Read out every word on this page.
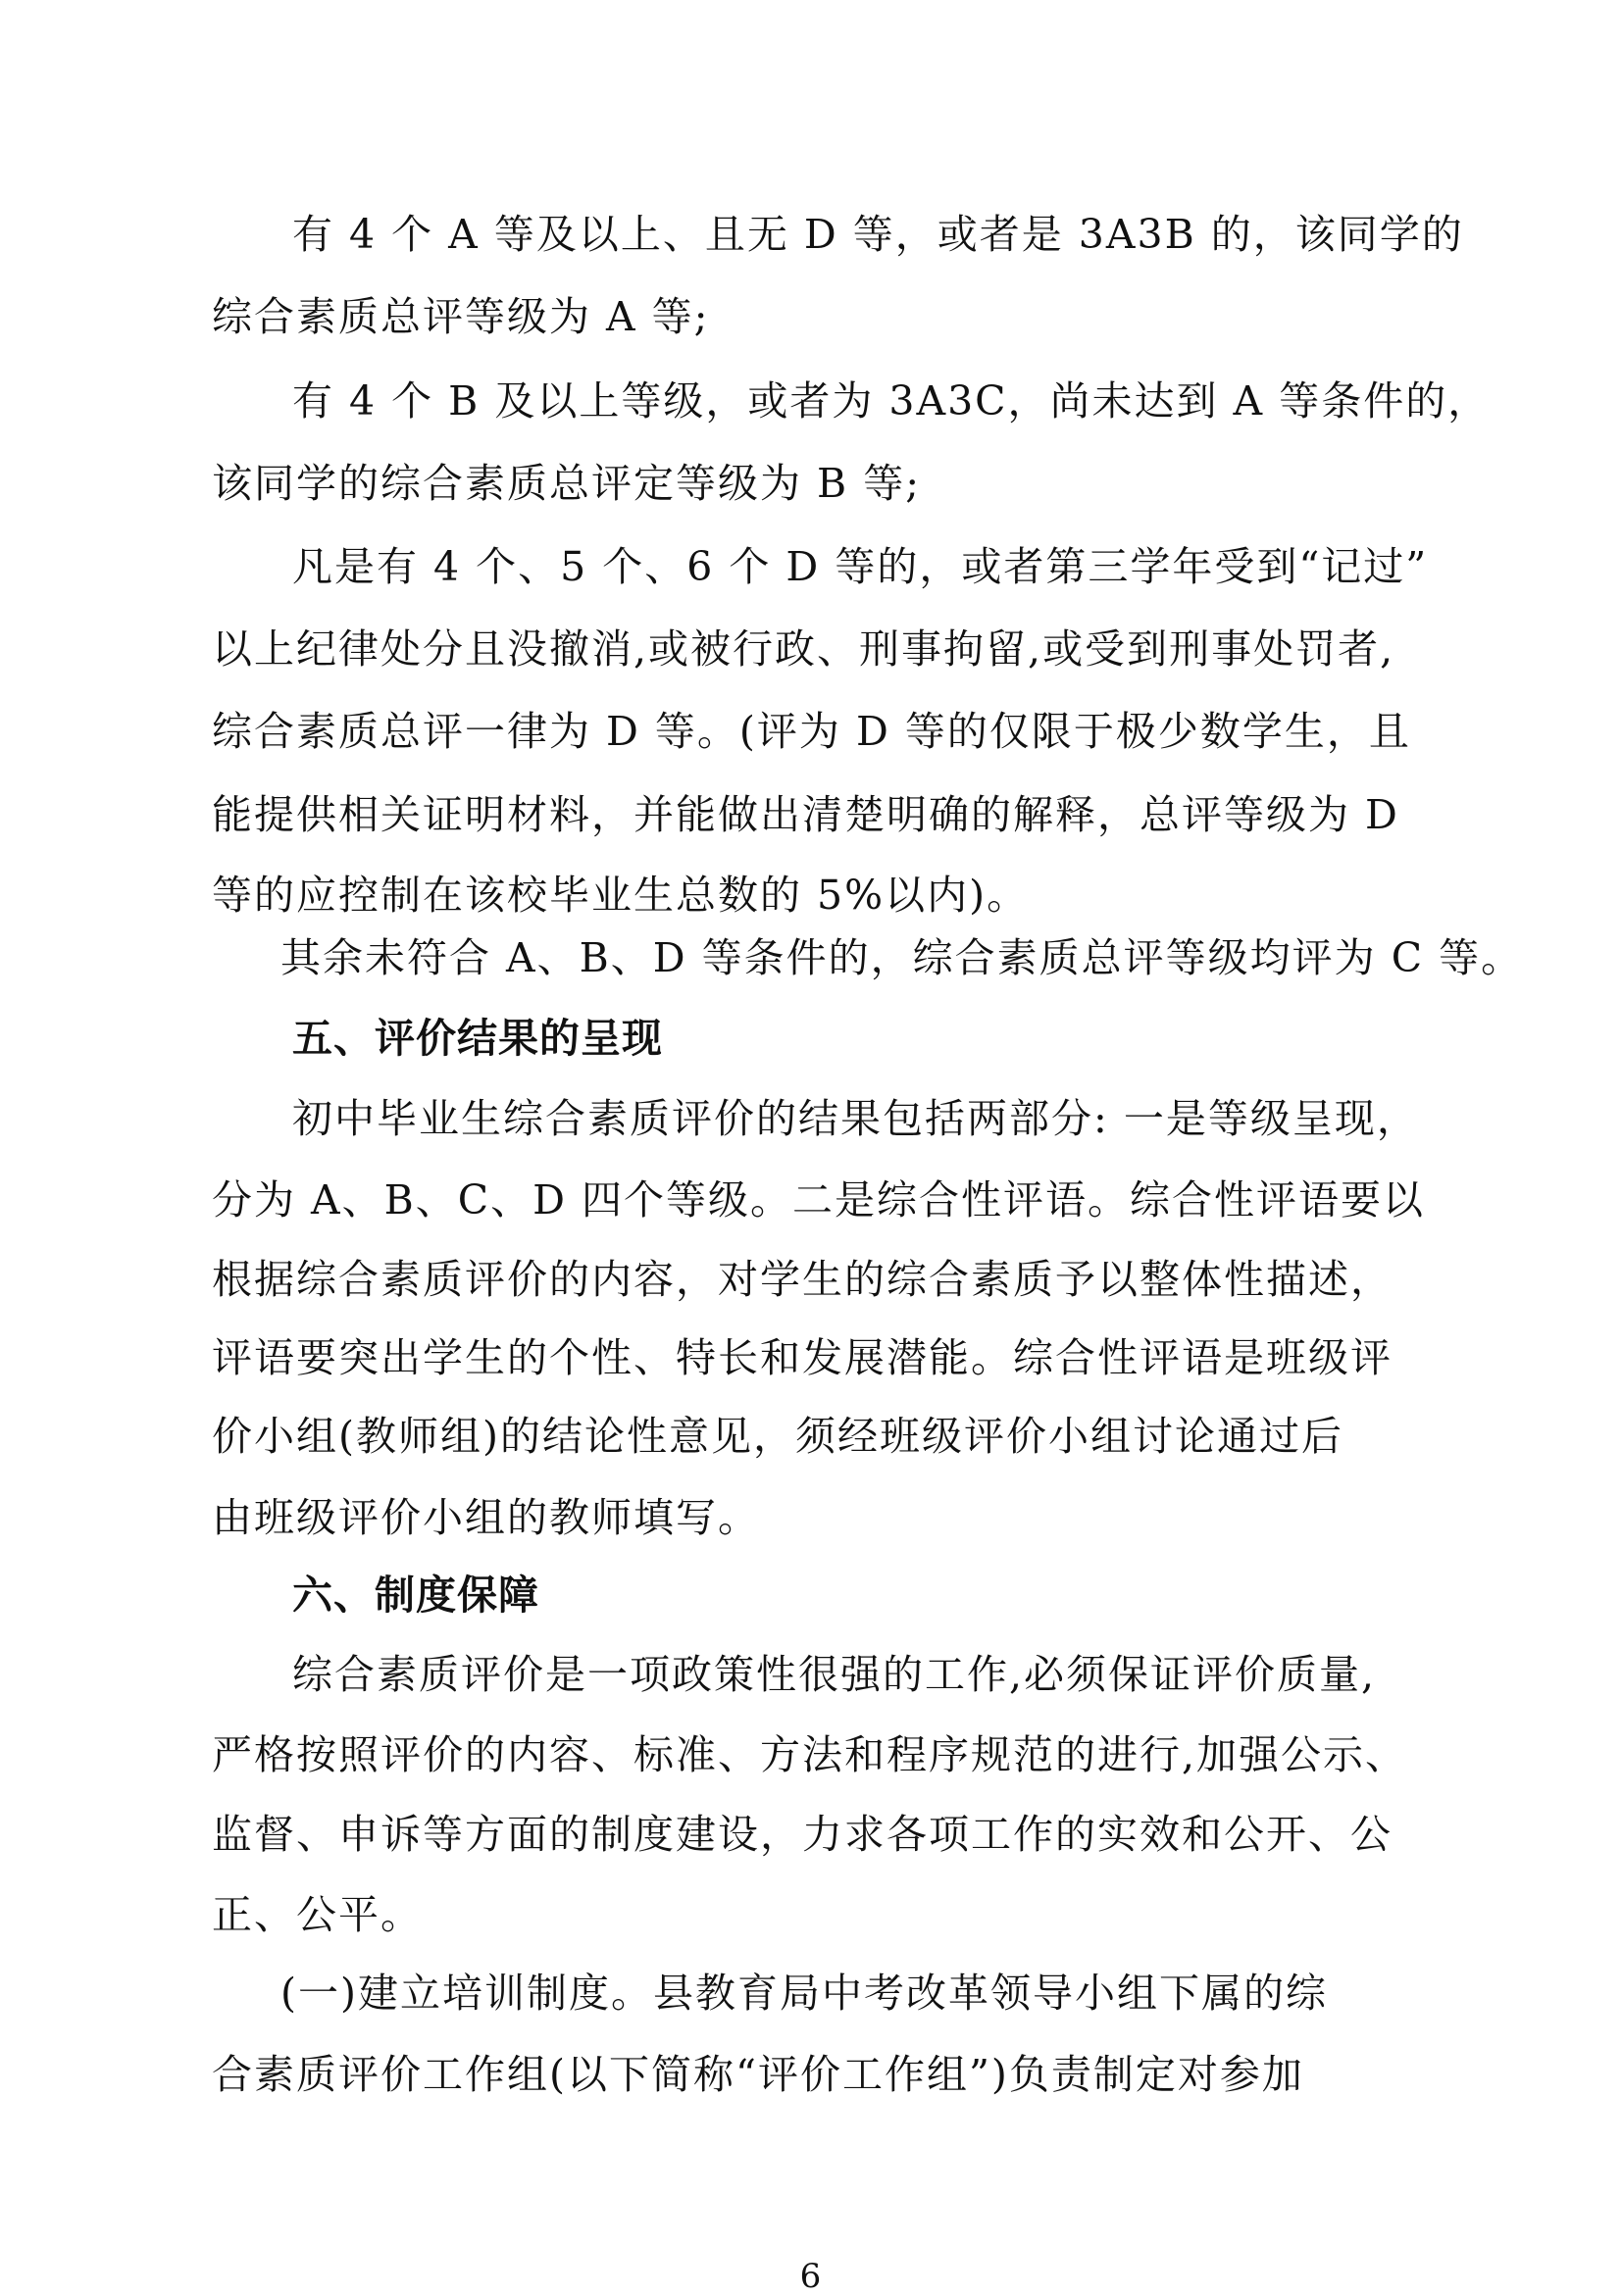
有 4 个 A 等及以上、且无 D 等，或者是 3A3B 的，该同学的
综合素质总评等级为 A 等;
有 4 个 B 及以上等级，或者为 3A3C，尚未达到 A 等条件的，
该同学的综合素质总评定等级为 B 等;
凡是有 4 个、5 个、6 个 D 等的，或者第三学年受到“记过”
以上纪律处分且没撤消,或被行政、刑事拘留,或受到刑事处罚者,
综合素质总评一律为 D 等。(评为 D 等的仅限于极少数学生，且
能提供相关证明材料，并能做出清楚明确的解释，总评等级为 D
等的应控制在该校毕业生总数的 5%以内)。
其余未符合 A、B、D 等条件的，综合素质总评等级均评为 C 等。
五、评价结果的呈现
初中毕业生综合素质评价的结果包括两部分: 一是等级呈现，
分为 A、B、C、D 四个等级。二是综合性评语。综合性评语要以
根据综合素质评价的内容，对学生的综合素质予以整体性描述，
评语要突出学生的个性、特长和发展潜能。综合性评语是班级评
价小组(教师组)的结论性意见，须经班级评价小组讨论通过后
由班级评价小组的教师填写。
六、制度保障
综合素质评价是一项政策性很强的工作,必须保证评价质量,
严格按照评价的内容、标准、方法和程序规范的进行,加强公示、
监督、申诉等方面的制度建设，力求各项工作的实效和公开、公
正、公平。
(一)建立培训制度。县教育局中考改革领导小组下属的综
合素质评价工作组(以下简称“评价工作组”)负责制定对参加
6
